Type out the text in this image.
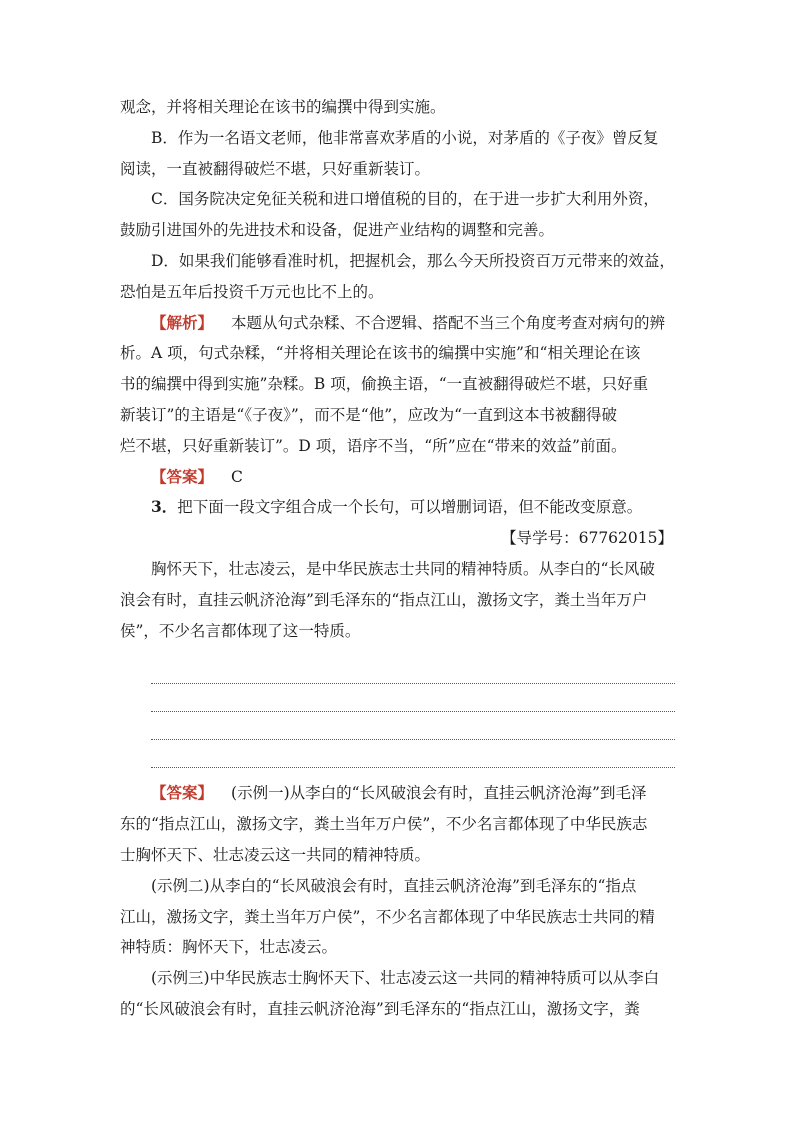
观念，并将相关理论在该书的编撰中得到实施。
B．作为一名语文老师，他非常喜欢茅盾的小说，对茅盾的《子夜》曾反复
阅读，一直被翻得破烂不堪，只好重新装订。
C．国务院决定免征关税和进口增值税的目的，在于进一步扩大利用外资，
鼓励引进国外的先进技术和设备，促进产业结构的调整和完善。
D．如果我们能够看准时机，把握机会，那么今天所投资百万元带来的效益，
恐怕是五年后投资千万元也比不上的。
【解析】 本题从句式杂糅、不合逻辑、搭配不当三个角度考查对病句的辨
析。A 项，句式杂糅，“并将相关理论在该书的编撰中实施”和“相关理论在该
书的编撰中得到实施”杂糅。B 项，偷换主语，“一直被翻得破烂不堪，只好重
新装订”的主语是“《子夜》”，而不是“他”，应改为“一直到这本书被翻得破
烂不堪，只好重新装订”。D 项，语序不当，“所”应在“带来的效益”前面。
【答案】 C
3．把下面一段文字组合成一个长句，可以增删词语，但不能改变原意。
【导学号：67762015】
胸怀天下，壮志凌云，是中华民族志士共同的精神特质。从李白的“长风破
浪会有时，直挂云帆济沧海”到毛泽东的“指点江山，激扬文字，粪土当年万户
侯”，不少名言都体现了这一特质。
【答案】 (示例一)从李白的“长风破浪会有时，直挂云帆济沧海”到毛泽
东的“指点江山，激扬文字，粪土当年万户侯”，不少名言都体现了中华民族志
士胸怀天下、壮志凌云这一共同的精神特质。
(示例二)从李白的“长风破浪会有时，直挂云帆济沧海”到毛泽东的“指点
江山，激扬文字，粪土当年万户侯”，不少名言都体现了中华民族志士共同的精
神特质：胸怀天下，壮志凌云。
(示例三)中华民族志士胸怀天下、壮志凌云这一共同的精神特质可以从李白
的“长风破浪会有时，直挂云帆济沧海”到毛泽东的“指点江山，激扬文字，粪
